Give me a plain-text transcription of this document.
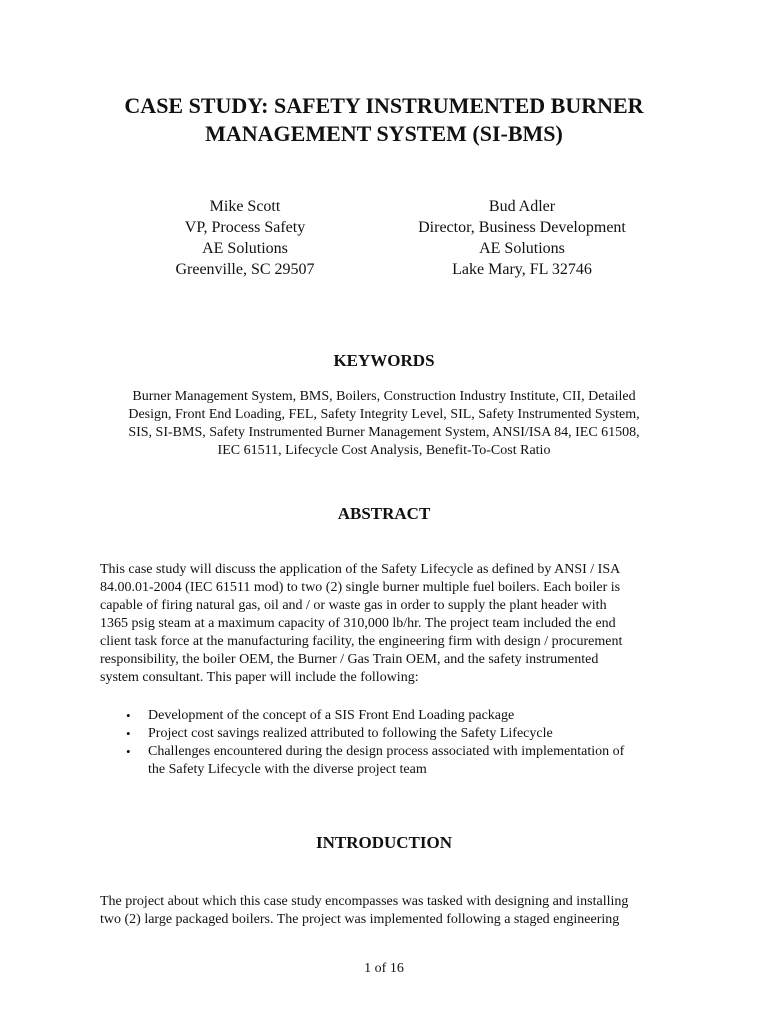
CASE STUDY: SAFETY INSTRUMENTED BURNER
MANAGEMENT SYSTEM (SI-BMS)
Mike Scott
VP, Process Safety
AE Solutions
Greenville, SC 29507
Bud Adler
Director, Business Development
AE Solutions
Lake Mary, FL 32746
KEYWORDS
Burner Management System, BMS, Boilers, Construction Industry Institute, CII, Detailed
Design, Front End Loading, FEL, Safety Integrity Level, SIL, Safety Instrumented System,
SIS, SI-BMS, Safety Instrumented Burner Management System, ANSI/ISA 84, IEC 61508,
IEC 61511, Lifecycle Cost Analysis, Benefit-To-Cost Ratio
ABSTRACT
This case study will discuss the application of the Safety Lifecycle as defined by ANSI / ISA
84.00.01-2004 (IEC 61511 mod) to two (2) single burner multiple fuel boilers. Each boiler is
capable of firing natural gas, oil and / or waste gas in order to supply the plant header with
1365 psig steam at a maximum capacity of 310,000 lb/hr. The project team included the end
client task force at the manufacturing facility, the engineering firm with design / procurement
responsibility, the boiler OEM, the Burner / Gas Train OEM, and the safety instrumented
system consultant. This paper will include the following:
• Development of the concept of a SIS Front End Loading package
• Project cost savings realized attributed to following the Safety Lifecycle
• Challenges encountered during the design process associated with implementation of
the Safety Lifecycle with the diverse project team
INTRODUCTION
The project about which this case study encompasses was tasked with designing and installing
two (2) large packaged boilers. The project was implemented following a staged engineering
1 of 16
